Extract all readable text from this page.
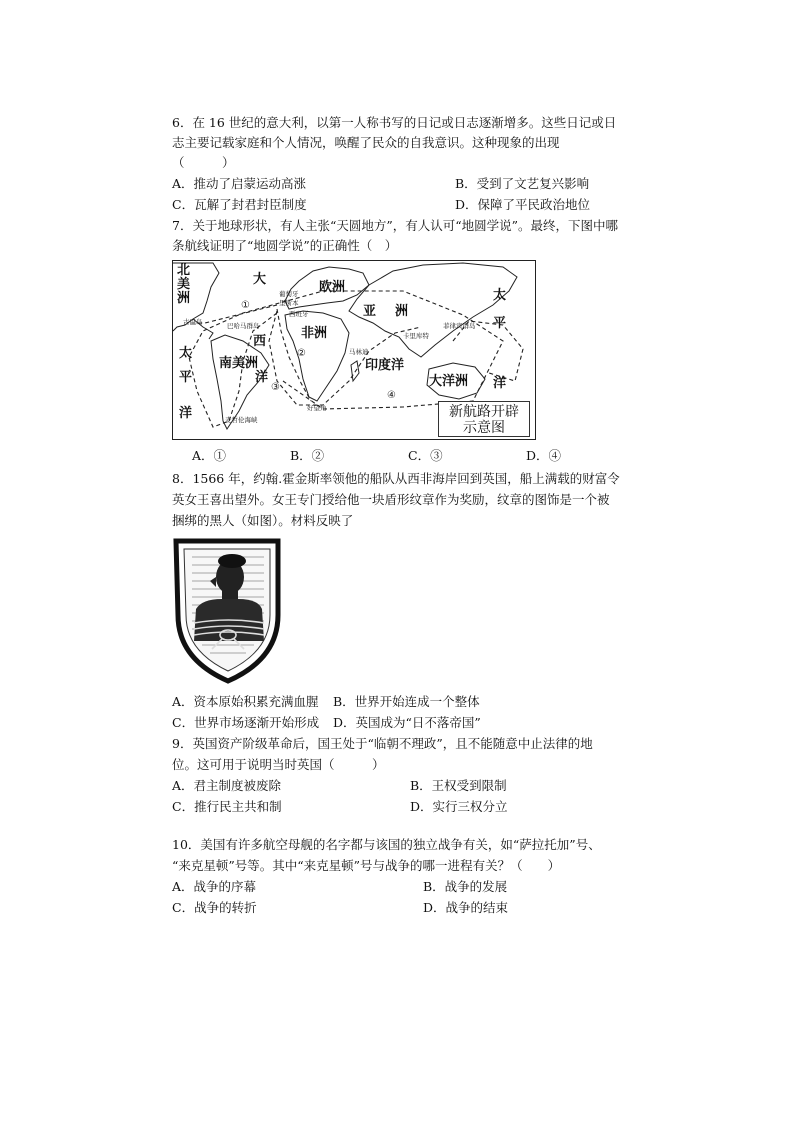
6．在 16 世纪的意大利，以第一人称书写的日记或日志逐渐增多。这些日记或日
志主要记载家庭和个人情况，唤醒了民众的自我意识。这种现象的出现
（　　　）
A．推动了启蒙运动高涨	B．受到了文艺复兴影响
C．瓦解了封君封臣制度	D．保障了平民政治地位
7．关于地球形状，有人主张“天圆地方”，有人认可“地圆学说”。最终，下图中哪
条航线证明了“地圆学说”的正确性（　）
北
美
洲
大
西
洋
欧洲
非洲
亚 洲
南美洲	印度洋
大洋洲
太
平
洋
太
平
洋
葡萄牙
里斯本
西班牙
古巴岛	巴哈马群岛
卡里库特
菲律宾群岛
马林迪
好望角
麦哲伦海峡
①
②
③
④
新航路开辟
示意图
A．①	B．②	C．③	D．④
8．1566 年，约翰.霍金斯率领他的船队从西非海岸回到英国，船上满载的财富令
英女王喜出望外。女王专门授给他一块盾形纹章作为奖励，纹章的图饰是一个被
捆绑的黑人（如图）。材料反映了
A．资本原始积累充满血腥 B．世界开始连成一个整体
C．世界市场逐渐开始形成 D．英国成为“日不落帝国”
9．英国资产阶级革命后，国王处于“临朝不理政”，且不能随意中止法律的地
位。这可用于说明当时英国（　　　）
A．君主制度被废除	B．王权受到限制
C．推行民主共和制	D．实行三权分立
10．美国有许多航空母舰的名字都与该国的独立战争有关，如“萨拉托加”号、
“来克星顿”号等。其中“来克星顿”号与战争的哪一进程有关？（　　）
A．战争的序幕	B．战争的发展
C．战争的转折	D．战争的结束
